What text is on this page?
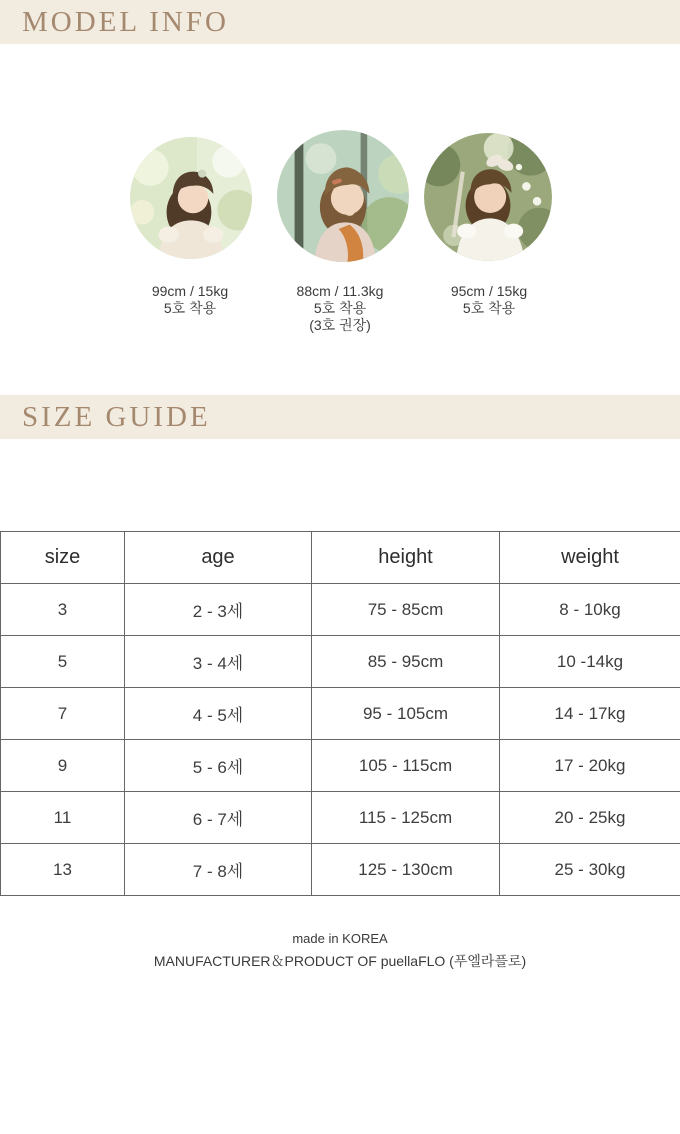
MODEL INFO
99cm / 15kg
5호 착용
88cm / 11.3kg
5호 착용
(3호 권장)
95cm / 15kg
5호 착용
SIZE GUIDE
size	age	height	weight
3	2 - 3세	75 - 85cm	8 - 10kg
5	3 - 4세	85 - 95cm	10 -14kg
7	4 - 5세	95 - 105cm	14 - 17kg
9	5 - 6세	105 - 115cm	17 - 20kg
11	6 - 7세	115 - 125cm	20 - 25kg
13	7 - 8세	125 - 130cm	25 - 30kg
made in KOREA
MANUFACTURER＆PRODUCT OF puellaFLO (푸엘라플로)
